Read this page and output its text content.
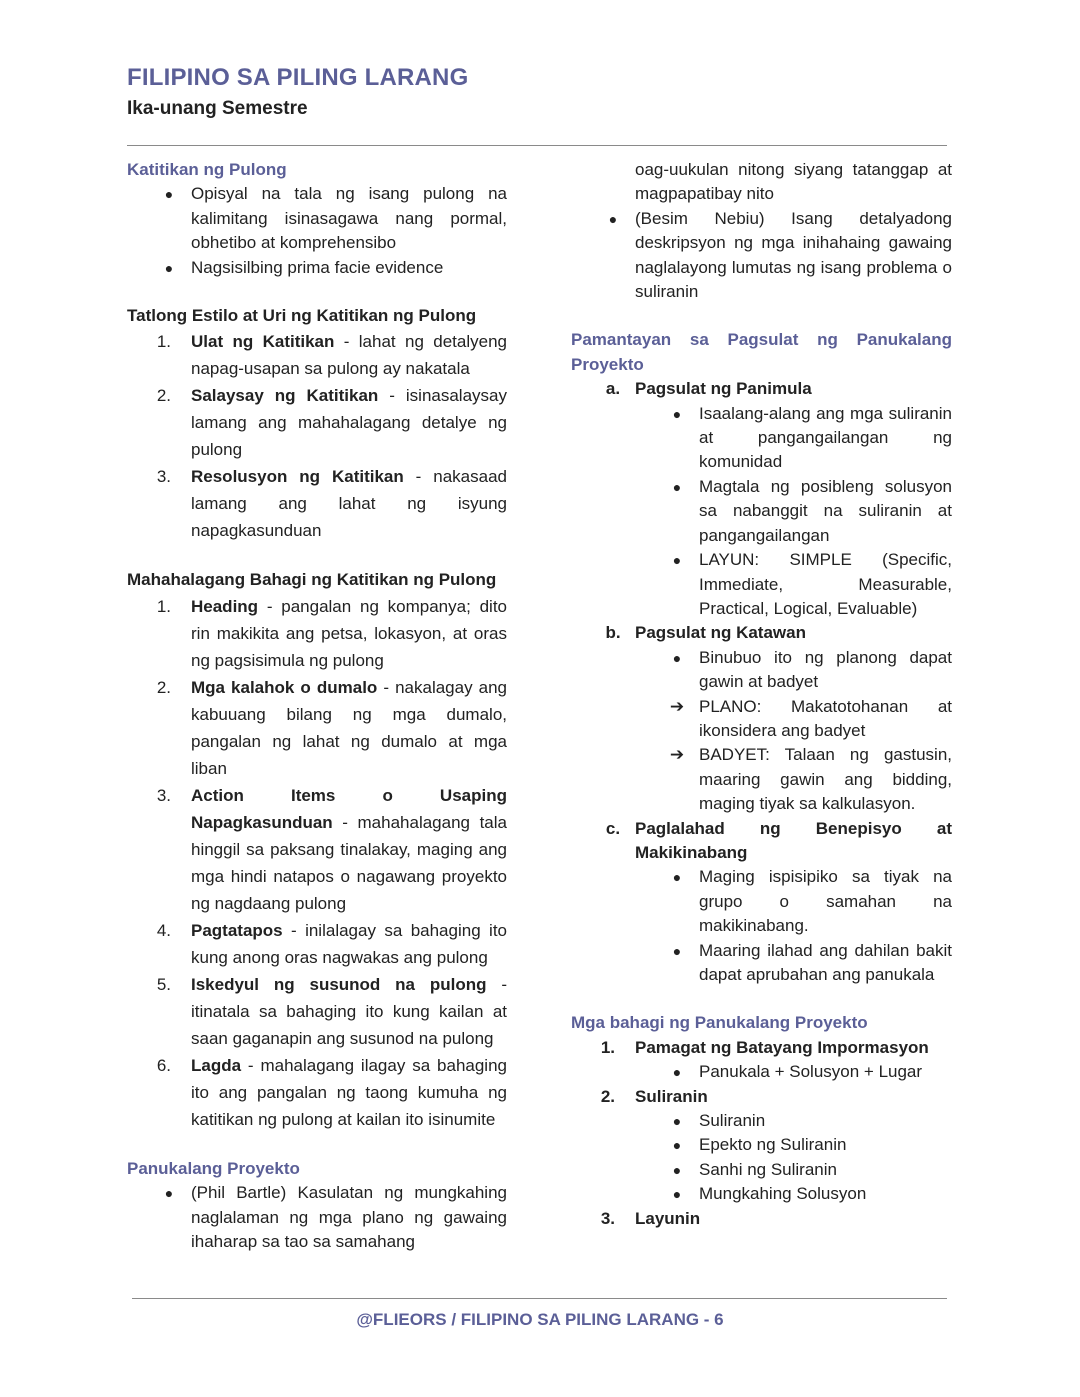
FILIPINO SA PILING LARANG
Ika-unang Semestre

Katitikan ng Pulong

●	Opisyal na tala ng isang pulong na kalimitang isinasagawa nang pormal, obhetibo at komprehensibo
●	Nagsisilbing prima facie evidence

Tatlong Estilo at Uri ng Katitikan ng Pulong

1. Ulat ng Katitikan - lahat ng detalyeng napag-usapan sa pulong ay nakatala
2. Salaysay ng Katitikan - isinasalaysay lamang ang mahahalagang detalye ng pulong
3. Resolusyon ng Katitikan - nakasaad lamang ang lahat ng isyung napagkasunduan

Mahahalagang Bahagi ng Katitikan ng Pulong

1. Heading - pangalan ng kompanya; dito rin makikita ang petsa, lokasyon, at oras ng pagsisimula ng pulong
2. Mga kalahok o dumalo - nakalagay ang kabuuang bilang ng mga dumalo, pangalan ng lahat ng dumalo at mga liban
3. Action Items o Usaping Napagkasunduan - mahahalagang tala hinggil sa paksang tinalakay, maging ang mga hindi natapos o nagawang proyekto ng nagdaang pulong
4. Pagtatapos - inilalagay sa bahaging ito kung anong oras nagwakas ang pulong
5. Iskedyul ng susunod na pulong - itinatala sa bahaging ito kung kailan at saan gaganapin ang susunod na pulong
6. Lagda - mahalagang ilagay sa bahaging ito ang pangalan ng taong kumuha ng katitikan ng pulong at kailan ito isinumite

Panukalang Proyekto

●	(Phil Bartle) Kasulatan ng mungkahing naglalaman ng mga plano ng gawaing ihaharap sa tao sa samahang
oag-uukulan nitong siyang tatanggap at magpapatibay nito
●	(Besim Nebiu) Isang detalyadong deskripsyon ng mga inihahaing gawaing naglalayong lumutas ng isang problema o suliranin

Pamantayan sa Pagsulat ng Panukalang Proyekto

a. Pagsulat ng Panimula
●	Isaalang-alang ang mga suliranin at pangangailangan ng komunidad
●	Magtala ng posibleng solusyon sa nabanggit na suliranin at pangangailangan
●	LAYUN: SIMPLE (Specific, Immediate, Measurable, Practical, Logical, Evaluable)
b. Pagsulat ng Katawan
●	Binubuo ito ng planong dapat gawin at badyet
➔ PLANO: Makatotohanan at ikonsidera ang badyet
➔ BADYET: Talaan ng gastusin, maaring gawin ang bidding, maging tiyak sa kalkulasyon.
c. Paglalahad ng Benepisyo at Makikinabang
●	Maging ispisipiko sa tiyak na grupo o samahan na makikinabang.
●	Maaring ilahad ang dahilan bakit dapat aprubahan ang panukala

Mga bahagi ng Panukalang Proyekto

1. Pamagat ng Batayang Impormasyon
●	Panukala + Solusyon + Lugar
2. Suliranin
●	Suliranin
●	Epekto ng Suliranin
●	Sanhi ng Suliranin
●	Mungkahing Solusyon
3. Layunin
@FLIEORS / FILIPINO SA PILING LARANG - 6
